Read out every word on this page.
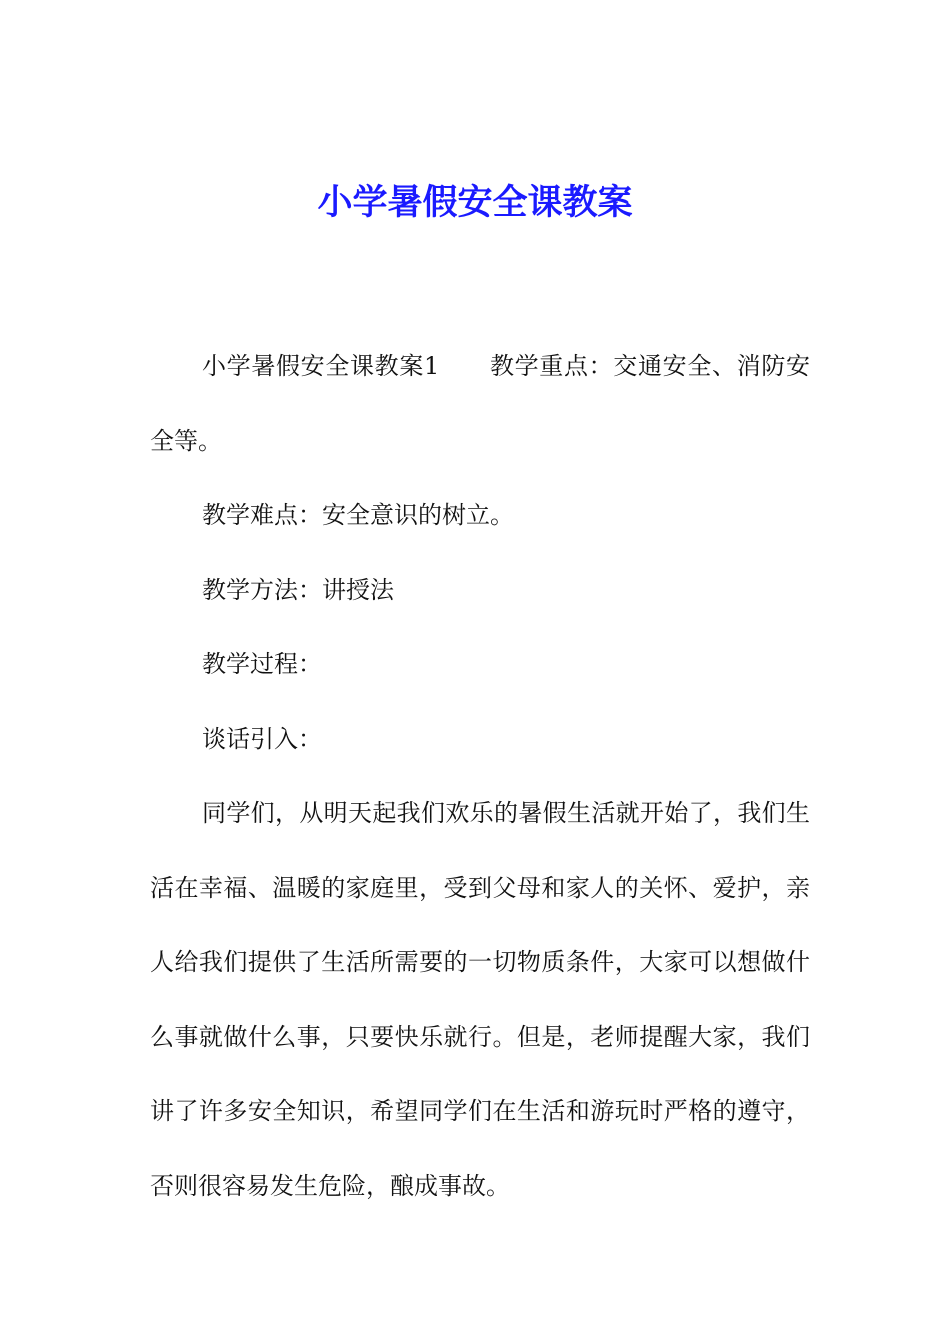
小学暑假安全课教案

小学暑假安全课教案1 教学重点：交通安全、消防安全等。

教学难点：安全意识的树立。

教学方法：讲授法

教学过程：

谈话引入：

同学们，从明天起我们欢乐的暑假生活就开始了，我们生活在幸福、温暖的家庭里，受到父母和家人的关怀、爱护，亲人给我们提供了生活所需要的一切物质条件，大家可以想做什么事就做什么事，只要快乐就行。但是，老师提醒大家，我们讲了许多安全知识，希望同学们在生活和游玩时严格的遵守，否则很容易发生危险，酿成事故。
